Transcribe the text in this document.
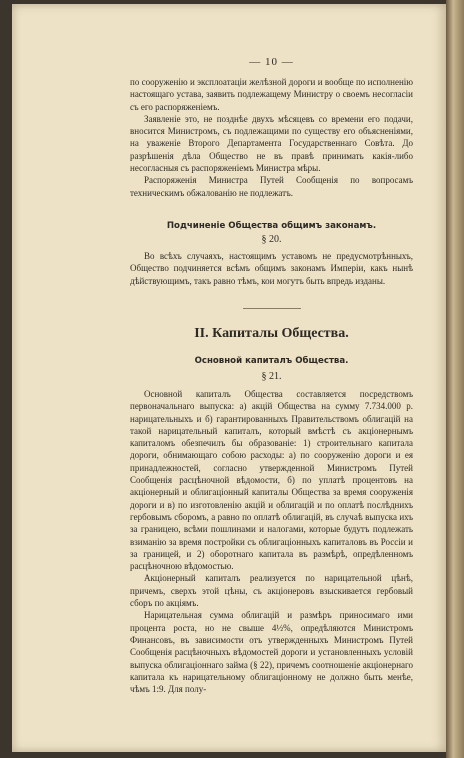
— 10 —

по сооруженію и эксплоатаціи желѣзной дороги и вообще по исполненію настоящаго устава, заявить подлежащему Министру о своемъ несогласіи съ его распоряженіемъ.

Заявленіе это, не позднѣе двухъ мѣсяцевъ со времени его подачи, вносится Министромъ, съ подлежащими по существу его объясненіями, на уваженіе Второго Департамента Государственнаго Совѣта. До разрѣшенія дѣла Общество не въ правѣ принимать какія-либо несогласныя съ распоряженіемъ Министра мѣры.

Распоряженія Министра Путей Сообщенія по вопросамъ техническимъ обжалованію не подлежатъ.

Подчиненіе Общества общимъ законамъ.
§ 20.

Во всѣхъ случаяхъ, настоящимъ уставомъ не предусмотрѣнныхъ, Общество подчиняется всѣмъ общимъ законамъ Имперіи, какъ нынѣ дѣйствующимъ, такъ равно тѣмъ, кои могутъ быть впредь изданы.

II. Капиталы Общества.
Основной капиталъ Общества.
§ 21.

Основной капиталъ Общества составляется посредствомъ первоначальнаго выпуска: а) акцій Общества на сумму 7.734.000 р. нарицательныхъ и б) гарантированныхъ Правительствомъ облигацій на такой нарицательный капиталъ, который вмѣстѣ съ акціонернымъ капиталомъ обезпечилъ бы образованіе: 1) строительнаго капитала дороги, обнимающаго собою расходы: а) по сооруженію дороги и ея принадлежностей, согласно утвержденной Министромъ Путей Сообщенія расцѣночной вѣдомости, б) по уплатѣ процентовъ на акціонерный и облигаціонный капиталы Общества за время сооруженія дороги и в) по изготовленію акцій и облигацій и по оплатѣ послѣднихъ гербовымъ сборомъ, а равно по оплатѣ облигацій, въ случаѣ выпуска ихъ за границею, всѣми пошлинами и налогами, которые будутъ подлежать взиманію за время постройки съ облигаціонныхъ капиталовъ въ Россіи и за границей, и 2) оборотнаго капитала въ размѣрѣ, опредѣленномъ расцѣночною вѣдомостью.

Акціонерный капиталъ реализуется по нарицательной цѣнѣ, причемъ, сверхъ этой цѣны, съ акціонеровъ взыскивается гербовый сборъ по акціямъ.

Нарицательная сумма облигацій и размѣръ приносимаго ими процента роста, но не свыше 4½%, опредѣляются Министромъ Финансовъ, въ зависимости отъ утвержденныхъ Министромъ Путей Сообщенія расцѣночныхъ вѣдомостей дороги и установленныхъ условій выпуска облигаціоннаго займа (§ 22), причемъ соотношеніе акціонернаго капитала къ нарицательному облигаціонному не должно быть менѣе, чѣмъ 1:9. Для полу-
